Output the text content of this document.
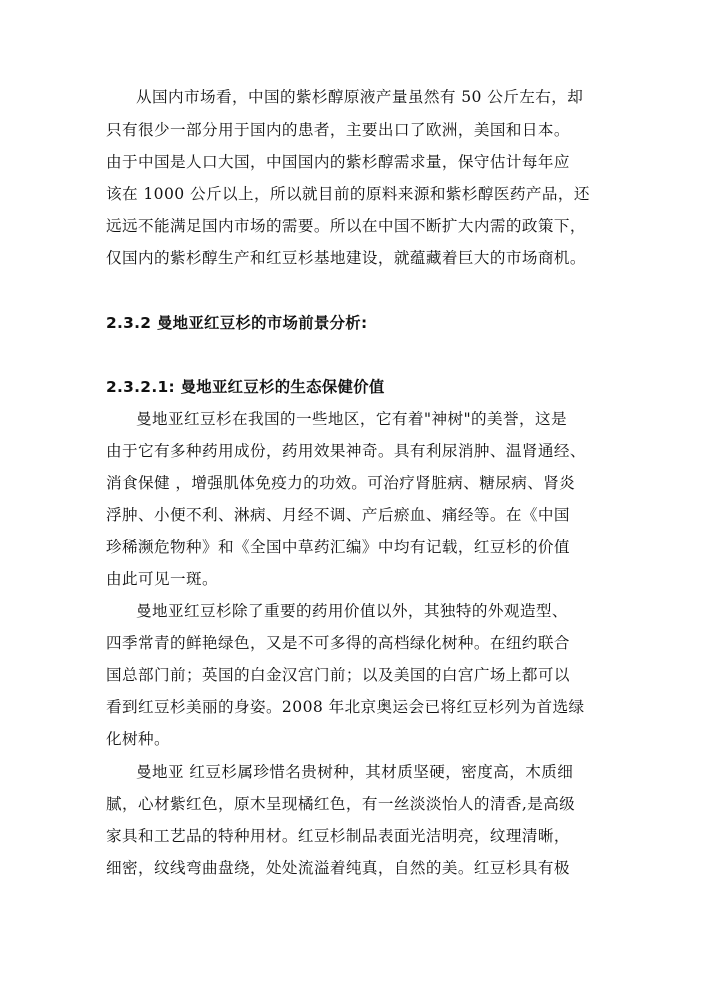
从国内市场看，中国的紫杉醇原液产量虽然有 50 公斤左右，却
只有很少一部分用于国内的患者，主要出口了欧洲，美国和日本。
由于中国是人口大国，中国国内的紫杉醇需求量，保守估计每年应
该在 1000 公斤以上，所以就目前的原料来源和紫杉醇医药产品，还
远远不能满足国内市场的需要。所以在中国不断扩大内需的政策下，
仅国内的紫杉醇生产和红豆杉基地建设，就蕴藏着巨大的市场商机。
2.3.2 曼地亚红豆杉的市场前景分析:
2.3.2.1: 曼地亚红豆杉的生态保健价值
曼地亚红豆杉在我国的一些地区，它有着"神树"的美誉，这是
由于它有多种药用成份，药用效果神奇。具有利尿消肿、温肾通经、
消食保健 ，增强肌体免疫力的功效。可治疗肾脏病、糖尿病、肾炎
浮肿、小便不利、淋病、月经不调、产后瘀血、痛经等。在《中国
珍稀濒危物种》和《全国中草药汇编》中均有记载，红豆杉的价值
由此可见一斑。
曼地亚红豆杉除了重要的药用价值以外，其独特的外观造型、
四季常青的鲜艳绿色，又是不可多得的高档绿化树种。在纽约联合
国总部门前；英国的白金汉宫门前；以及美国的白宫广场上都可以
看到红豆杉美丽的身姿。2008 年北京奥运会已将红豆杉列为首选绿
化树种。
曼地亚 红豆杉属珍惜名贵树种，其材质坚硬，密度高，木质细
腻，心材紫红色，原木呈现橘红色，有一丝淡淡怡人的清香,是高级
家具和工艺品的特种用材。红豆杉制品表面光洁明亮，纹理清晰，
细密，纹线弯曲盘绕，处处流溢着纯真，自然的美。红豆杉具有极
